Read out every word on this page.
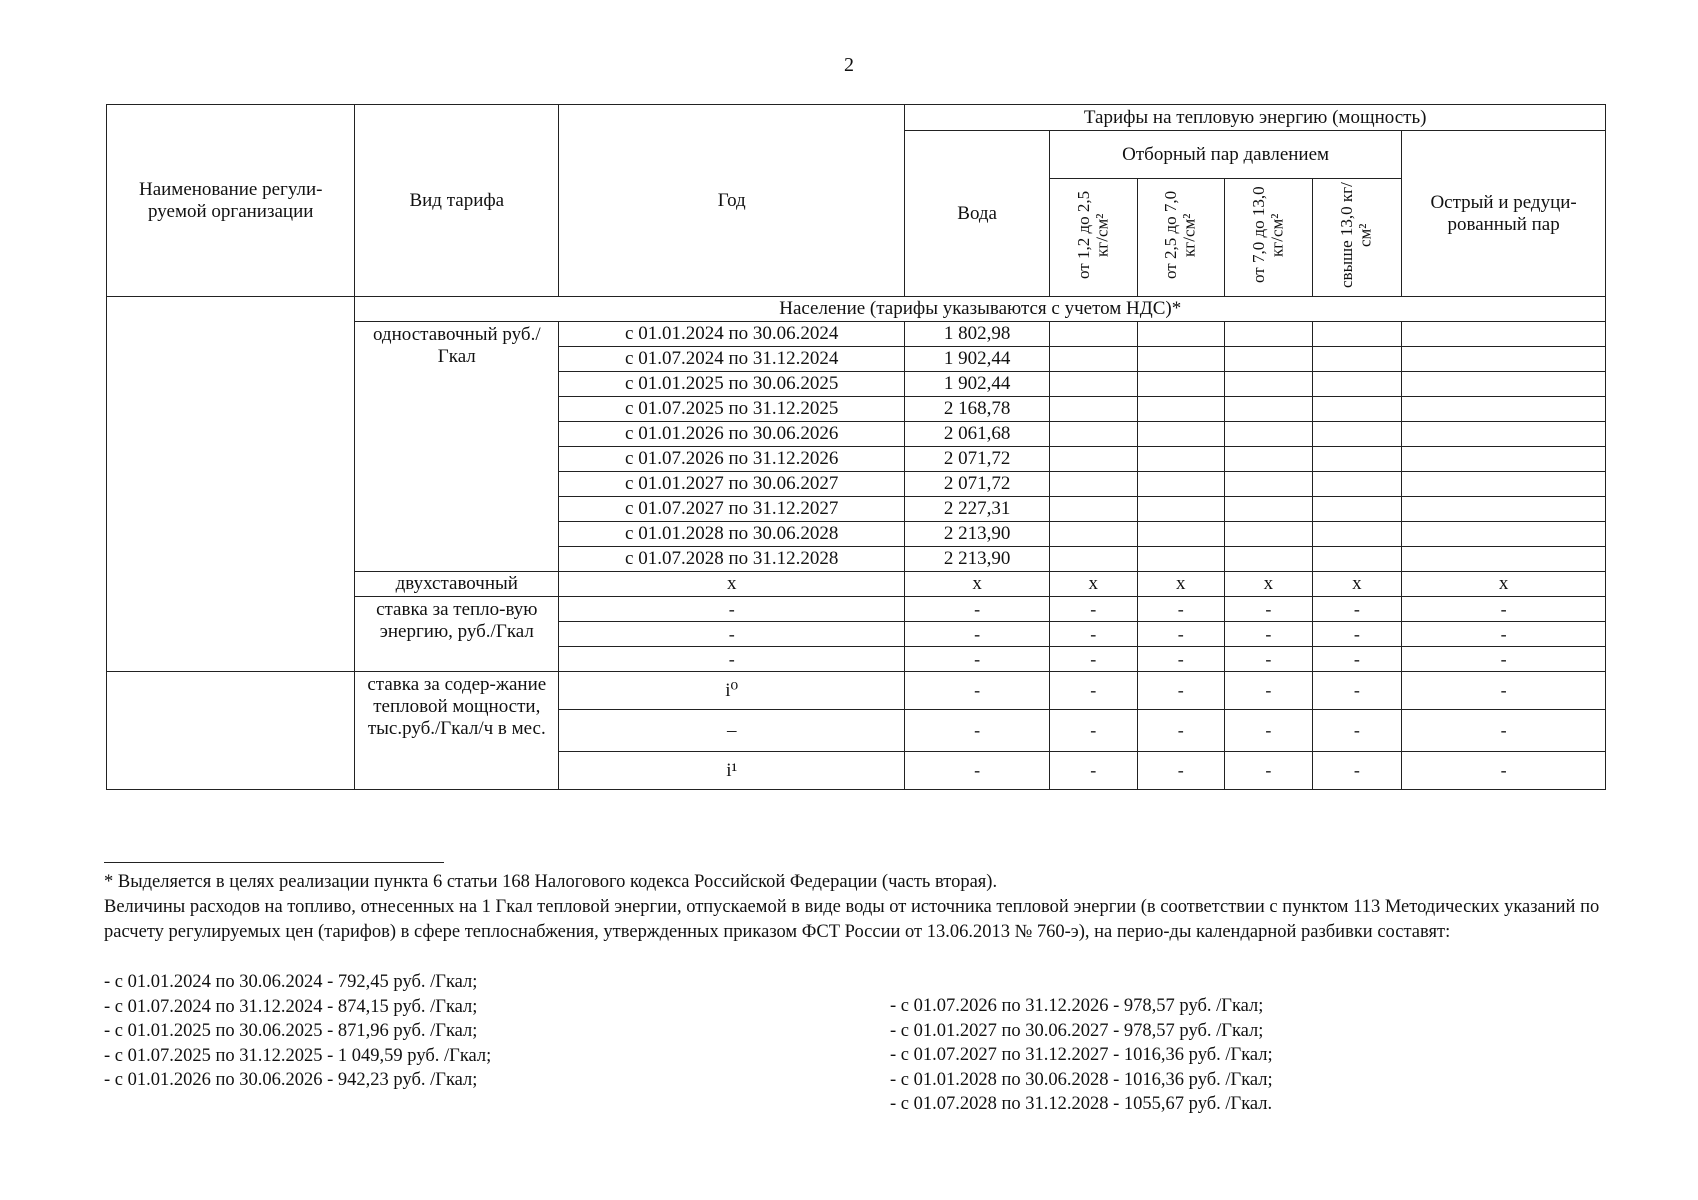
2
Наименование регули-руемой организации	Вид тарифа	Год	Тарифы на тепловую энергию (мощность)					
			Вода	Отборный пар давлением				Острый и редуци-рованный пар
				от 1,2 до 2,5 кг/см²	от 2,5 до 7,0 кг/см²	от 7,0 до 13,0 кг/см²	свыше 13,0 кг/см²	
	Население (тарифы указываются с учетом НДС)*							
	одноставочный руб./Гкал	с 01.01.2024 по 30.06.2024	1 802,98					
		с 01.07.2024 по 31.12.2024	1 902,44					
		с 01.01.2025 по 30.06.2025	1 902,44					
		с 01.07.2025 по 31.12.2025	2 168,78					
		с 01.01.2026 по 30.06.2026	2 061,68					
		с 01.07.2026 по 31.12.2026	2 071,72					
		с 01.01.2027 по 30.06.2027	2 071,72					
		с 01.07.2027 по 31.12.2027	2 227,31					
		с 01.01.2028 по 30.06.2028	2 213,90					
		с 01.07.2028 по 31.12.2028	2 213,90					
	двухставочный	х	х	х	х	х	х	х
	ставка за тепло-вую энергию, руб./Гкал	-	-	-	-	-	-	-
		-	-	-	-	-	-	-
		-	-	-	-	-	-	-
	ставка за содер-жание тепловой мощности, тыс.руб./Гкал/ч в мес.	i⁰	-	-	-	-	-	-
		–	-	-	-	-	-	-
		i¹	-	-	-	-	-	-

* Выделяется в целях реализации пункта 6 статьи 168 Налогового кодекса Российской Федерации (часть вторая).

Величины расходов на топливо, отнесенных на 1 Гкал тепловой энергии, отпускаемой в виде воды от источника тепловой энергии (в соответствии с пунктом 113 Методических указаний по расчету регулируемых цен (тарифов) в сфере теплоснабжения, утвержденных приказом ФСТ России от 13.06.2013 № 760-э), на перио-ды календарной разбивки составят:

- с 01.01.2024 по 30.06.2024 - 792,45 руб. /Гкал;
- с 01.07.2024 по 31.12.2024 - 874,15 руб. /Гкал;
- с 01.01.2025 по 30.06.2025 - 871,96 руб. /Гкал;
- с 01.07.2025 по 31.12.2025 - 1 049,59 руб. /Гкал;
- с 01.01.2026 по 30.06.2026 - 942,23 руб. /Гкал;
- с 01.07.2026 по 31.12.2026 - 978,57 руб. /Гкал;
- с 01.01.2027 по 30.06.2027 - 978,57 руб. /Гкал;
- с 01.07.2027 по 31.12.2027 - 1016,36 руб. /Гкал;
- с 01.01.2028 по 30.06.2028 - 1016,36 руб. /Гкал;
- с 01.07.2028 по 31.12.2028 - 1055,67 руб. /Гкал.
